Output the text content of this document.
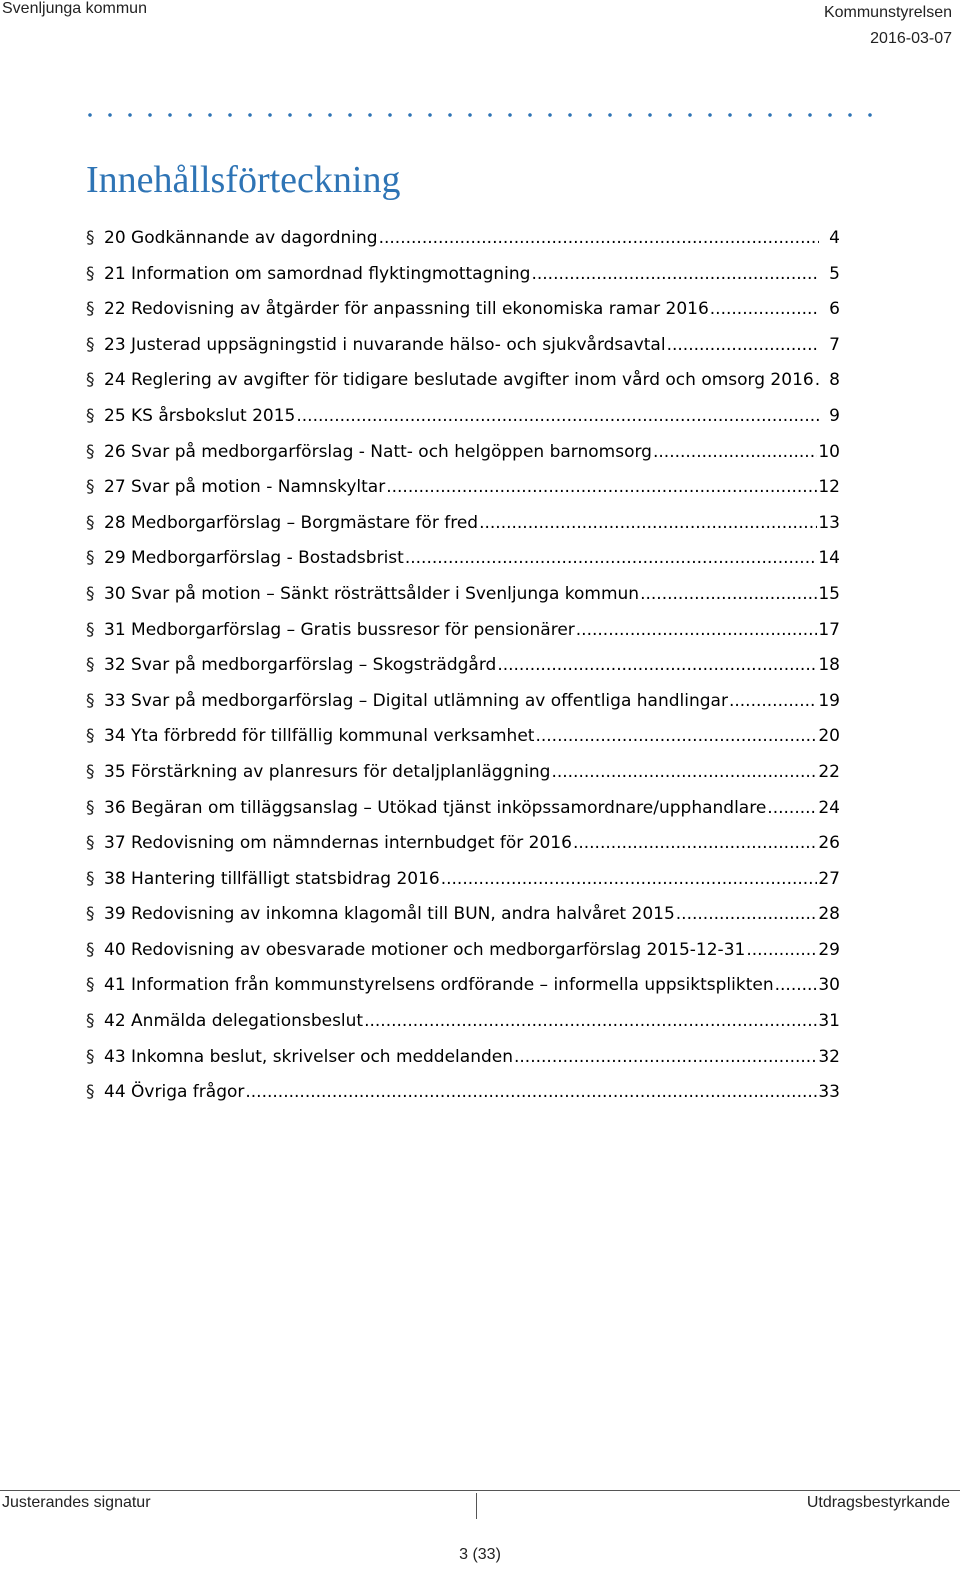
Svenljunga kommun	Kommunstyrelsen
2016-03-07
Innehållsförteckning
§ 20 Godkännande av dagordning .....	4
§ 21 Information om samordnad flyktingmottagning .....	5
§ 22 Redovisning av åtgärder för anpassning till ekonomiska ramar 2016 .....	6
§ 23 Justerad uppsägningstid i nuvarande hälso- och sjukvårdsavtal .....	7
§ 24 Reglering av avgifter för tidigare beslutade avgifter inom vård och omsorg 2016 ..... 8
§ 25 KS årsbokslut 2015 .....	9
§ 26 Svar på medborgarförslag - Natt- och helgöppen barnomsorg .....	10
§ 27 Svar på motion - Namnskyltar .....	12
§ 28 Medborgarförslag – Borgmästare för fred .....	13
§ 29 Medborgarförslag - Bostadsbrist .....	14
§ 30 Svar på motion – Sänkt rösträttsålder i Svenljunga kommun .....	15
§ 31 Medborgarförslag – Gratis bussresor för pensionärer .....	17
§ 32 Svar på medborgarförslag – Skogsträdgård .....	18
§ 33 Svar på medborgarförslag – Digital utlämning av offentliga handlingar .....	19
§ 34 Yta förbredd för tillfällig kommunal verksamhet .....	20
§ 35 Förstärkning av planresurs för detaljplanläggning .....	22
§ 36 Begäran om tilläggsanslag – Utökad tjänst inköpssamordnare/upphandlare .....	24
§ 37 Redovisning om nämndernas internbudget för 2016 .....	26
§ 38 Hantering tillfälligt statsbidrag 2016 .....	27
§ 39 Redovisning av inkomna klagomål till BUN, andra halvåret 2015 .....	28
§ 40 Redovisning av obesvarade motioner och medborgarförslag 2015-12-31 .....	29
§ 41 Information från kommunstyrelsens ordförande – informella uppsiktsplikten .....	30
§ 42 Anmälda delegationsbeslut .....	31
§ 43 Inkomna beslut, skrivelser och meddelanden .....	32
§ 44 Övriga frågor .....	33
Justerandes signatur	Utdragsbestyrkande
3 (33)
